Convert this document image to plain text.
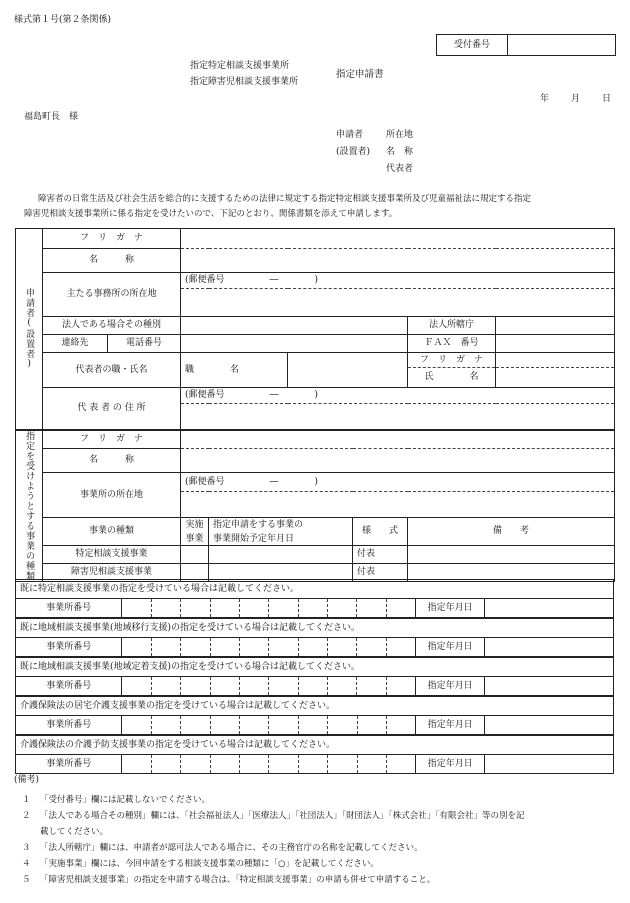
様式第１号(第２条関係)
受付番号
指定特定相談支援事業所
指定障害児相談支援事業所
指定申請書
年 月 日
福島町長　様
申請者	所在地
(設置者) 名　称
代表者
障害者の日常生活及び社会生活を総合的に支援するための法律に規定する指定特定相談支援事業所及び児童福祉法に規定する指定
障害児相談支援事業所に係る指定を受けたいので、下記のとおり、関係書類を添えて申請します。
申請者(設置者)	フ　リ　ガ　ナ					
	名　　　称					
	主たる事務所の所在地		(郵便番号　　　　　―　　　　)			

	法人である場合その種別				法人所轄庁	
	連絡先	電話番号			ＦＡＸ　番号	
	代表者の職・氏名		職　　　　名		フ　リ　ガ　ナ	
					氏　　　　名	
	代 表 者 の 住 所		(郵便番号　　　　　―　　　　)			

指定を受けようとする事業の種類	フ　リ　ガ　ナ				
	名　　　称				
	事業所の所在地	(郵便番号　　　　　―　　　　)			

	事業の種類	実施	指定申請をする事業の	様　　式	備　　考
		事業	事業開始予定年月日		
	特定相談支援事業			付表	
	障害児相談支援事業			付表	

既に特定相談支援事業の指定を受けている場合は記載してください。
事業所番号											指定年月日	
既に地域相談支援事業(地域移行支援)の指定を受けている場合は記載してください。
事業所番号											指定年月日	
既に地域相談支援事業(地域定着支援)の指定を受けている場合は記載してください。
事業所番号											指定年月日	
介護保険法の居宅介護支援事業の指定を受けている場合は記載してください。
事業所番号											指定年月日	
介護保険法の介護予防支援事業の指定を受けている場合は記載してください。
事業所番号											指定年月日	
(備考)
１ 「受付番号」欄には記載しないでください。
２ 「法人である場合その種別」欄には、「社会福祉法人」「医療法人」「社団法人」「財団法人」「株式会社」「有限会社」等の別を記
載してください。
３ 「法人所轄庁」欄には、申請者が認可法人である場合に、その主務官庁の名称を記載してください。
４ 「実施事業」欄には、今回申請をする相談支援事業の種類に「○」を記載してください。
５ 「障害児相談支援事業」の指定を申請する場合は、「特定相談支援事業」の申請も併せて申請すること。
